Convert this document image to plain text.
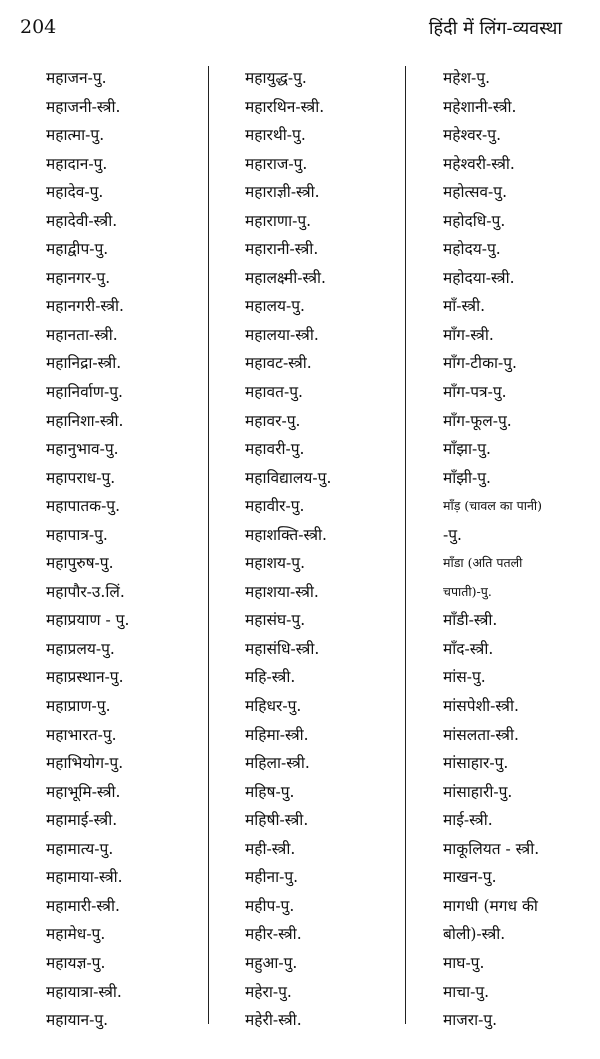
204	हिंदी में लिंग-व्यवस्था
महाजन-पु.
महाजनी-स्त्री.
महात्मा-पु.
महादान-पु.
महादेव-पु.
महादेवी-स्त्री.
महाद्वीप-पु.
महानगर-पु.
महानगरी-स्त्री.
महानता-स्त्री.
महानिद्रा-स्त्री.
महानिर्वाण-पु.
महानिशा-स्त्री.
महानुभाव-पु.
महापराध-पु.
महापातक-पु.
महापात्र-पु.
महापुरुष-पु.
महापौर-उ.लिं.
महाप्रयाण - पु.
महाप्रलय-पु.
महाप्रस्थान-पु.
महाप्राण-पु.
महाभारत-पु.
महाभियोग-पु.
महाभूमि-स्त्री.
महामाई-स्त्री.
महामात्य-पु.
महामाया-स्त्री.
महामारी-स्त्री.
महामेध-पु.
महायज्ञ-पु.
महायात्रा-स्त्री.
महायान-पु.
महायुद्ध-पु.
महारथिन-स्त्री.
महारथी-पु.
महाराज-पु.
महाराज्ञी-स्त्री.
महाराणा-पु.
महारानी-स्त्री.
महालक्ष्मी-स्त्री.
महालय-पु.
महालया-स्त्री.
महावट-स्त्री.
महावत-पु.
महावर-पु.
महावरी-पु.
महाविद्यालय-पु.
महावीर-पु.
महाशक्ति-स्त्री.
महाशय-पु.
महाशया-स्त्री.
महासंघ-पु.
महासंधि-स्त्री.
महि-स्त्री.
महिधर-पु.
महिमा-स्त्री.
महिला-स्त्री.
महिष-पु.
महिषी-स्त्री.
मही-स्त्री.
महीना-पु.
महीप-पु.
महीर-स्त्री.
महुआ-पु.
महेरा-पु.
महेरी-स्त्री.
महेश-पु.
महेशानी-स्त्री.
महेश्वर-पु.
महेश्वरी-स्त्री.
महोत्सव-पु.
महोदधि-पु.
महोदय-पु.
महोदया-स्त्री.
माँ-स्त्री.
माँग-स्त्री.
माँग-टीका-पु.
माँग-पत्र-पु.
माँग-फूल-पु.
माँझा-पु.
माँझी-पु.
माँड़ (चावल का पानी)
-पु.
माँडा (अति पतली
चपाती)-पु.
माँडी-स्त्री.
माँद-स्त्री.
मांस-पु.
मांसपेशी-स्त्री.
मांसलता-स्त्री.
मांसाहार-पु.
मांसाहारी-पु.
माई-स्त्री.
माकूलियत - स्त्री.
माखन-पु.
मागधी (मगध की
बोली)-स्त्री.
माघ-पु.
माचा-पु.
माजरा-पु.
